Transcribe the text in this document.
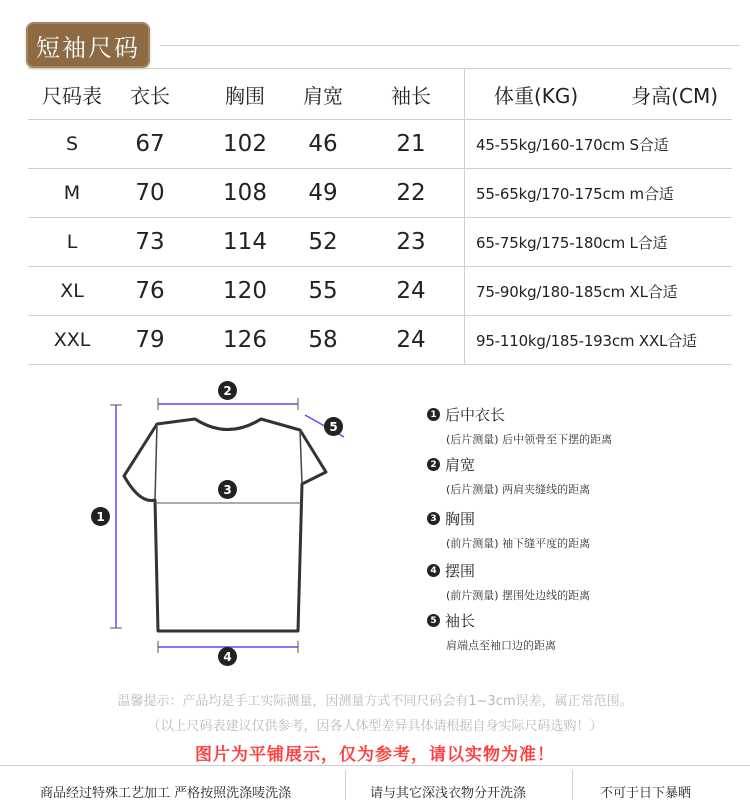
短袖尺码
尺码表	衣长	胸围	肩宽	袖长	体重(KG)	身高(CM)
S	67	102	46	21	45-55kg/160-170cm S合适
M	70	108	49	22	55-65kg/170-175cm m合适
L	73	114	52	23	65-75kg/175-180cm L合适
XL	76	120	55	24	75-90kg/180-185cm XL合适
XXL	79	126	58	24	95-110kg/185-193cm XXL合适
2
3
1
4
5
1 后中衣长
(后片测量) 后中领骨至下摆的距离
2 肩宽
(后片测量) 两肩夹缝线的距离
3 胸围
(前片测量) 袖下缝平度的距离
4 摆围
(前片测量) 摆围处边线的距离
5 袖长
肩端点至袖口边的距离
温馨提示：产品均是手工实际测量，因测量方式不同尺码会有1~3cm误差，属正常范围。
（以上尺码表建议仅供参考，因各人体型差异具体请根据自身实际尺码选购！）
图片为平铺展示，仅为参考，请以实物为准！
商品经过特殊工艺加工 严格按照洗涤唛洗涤	请与其它深浅衣物分开洗涤	不可于日下暴晒
